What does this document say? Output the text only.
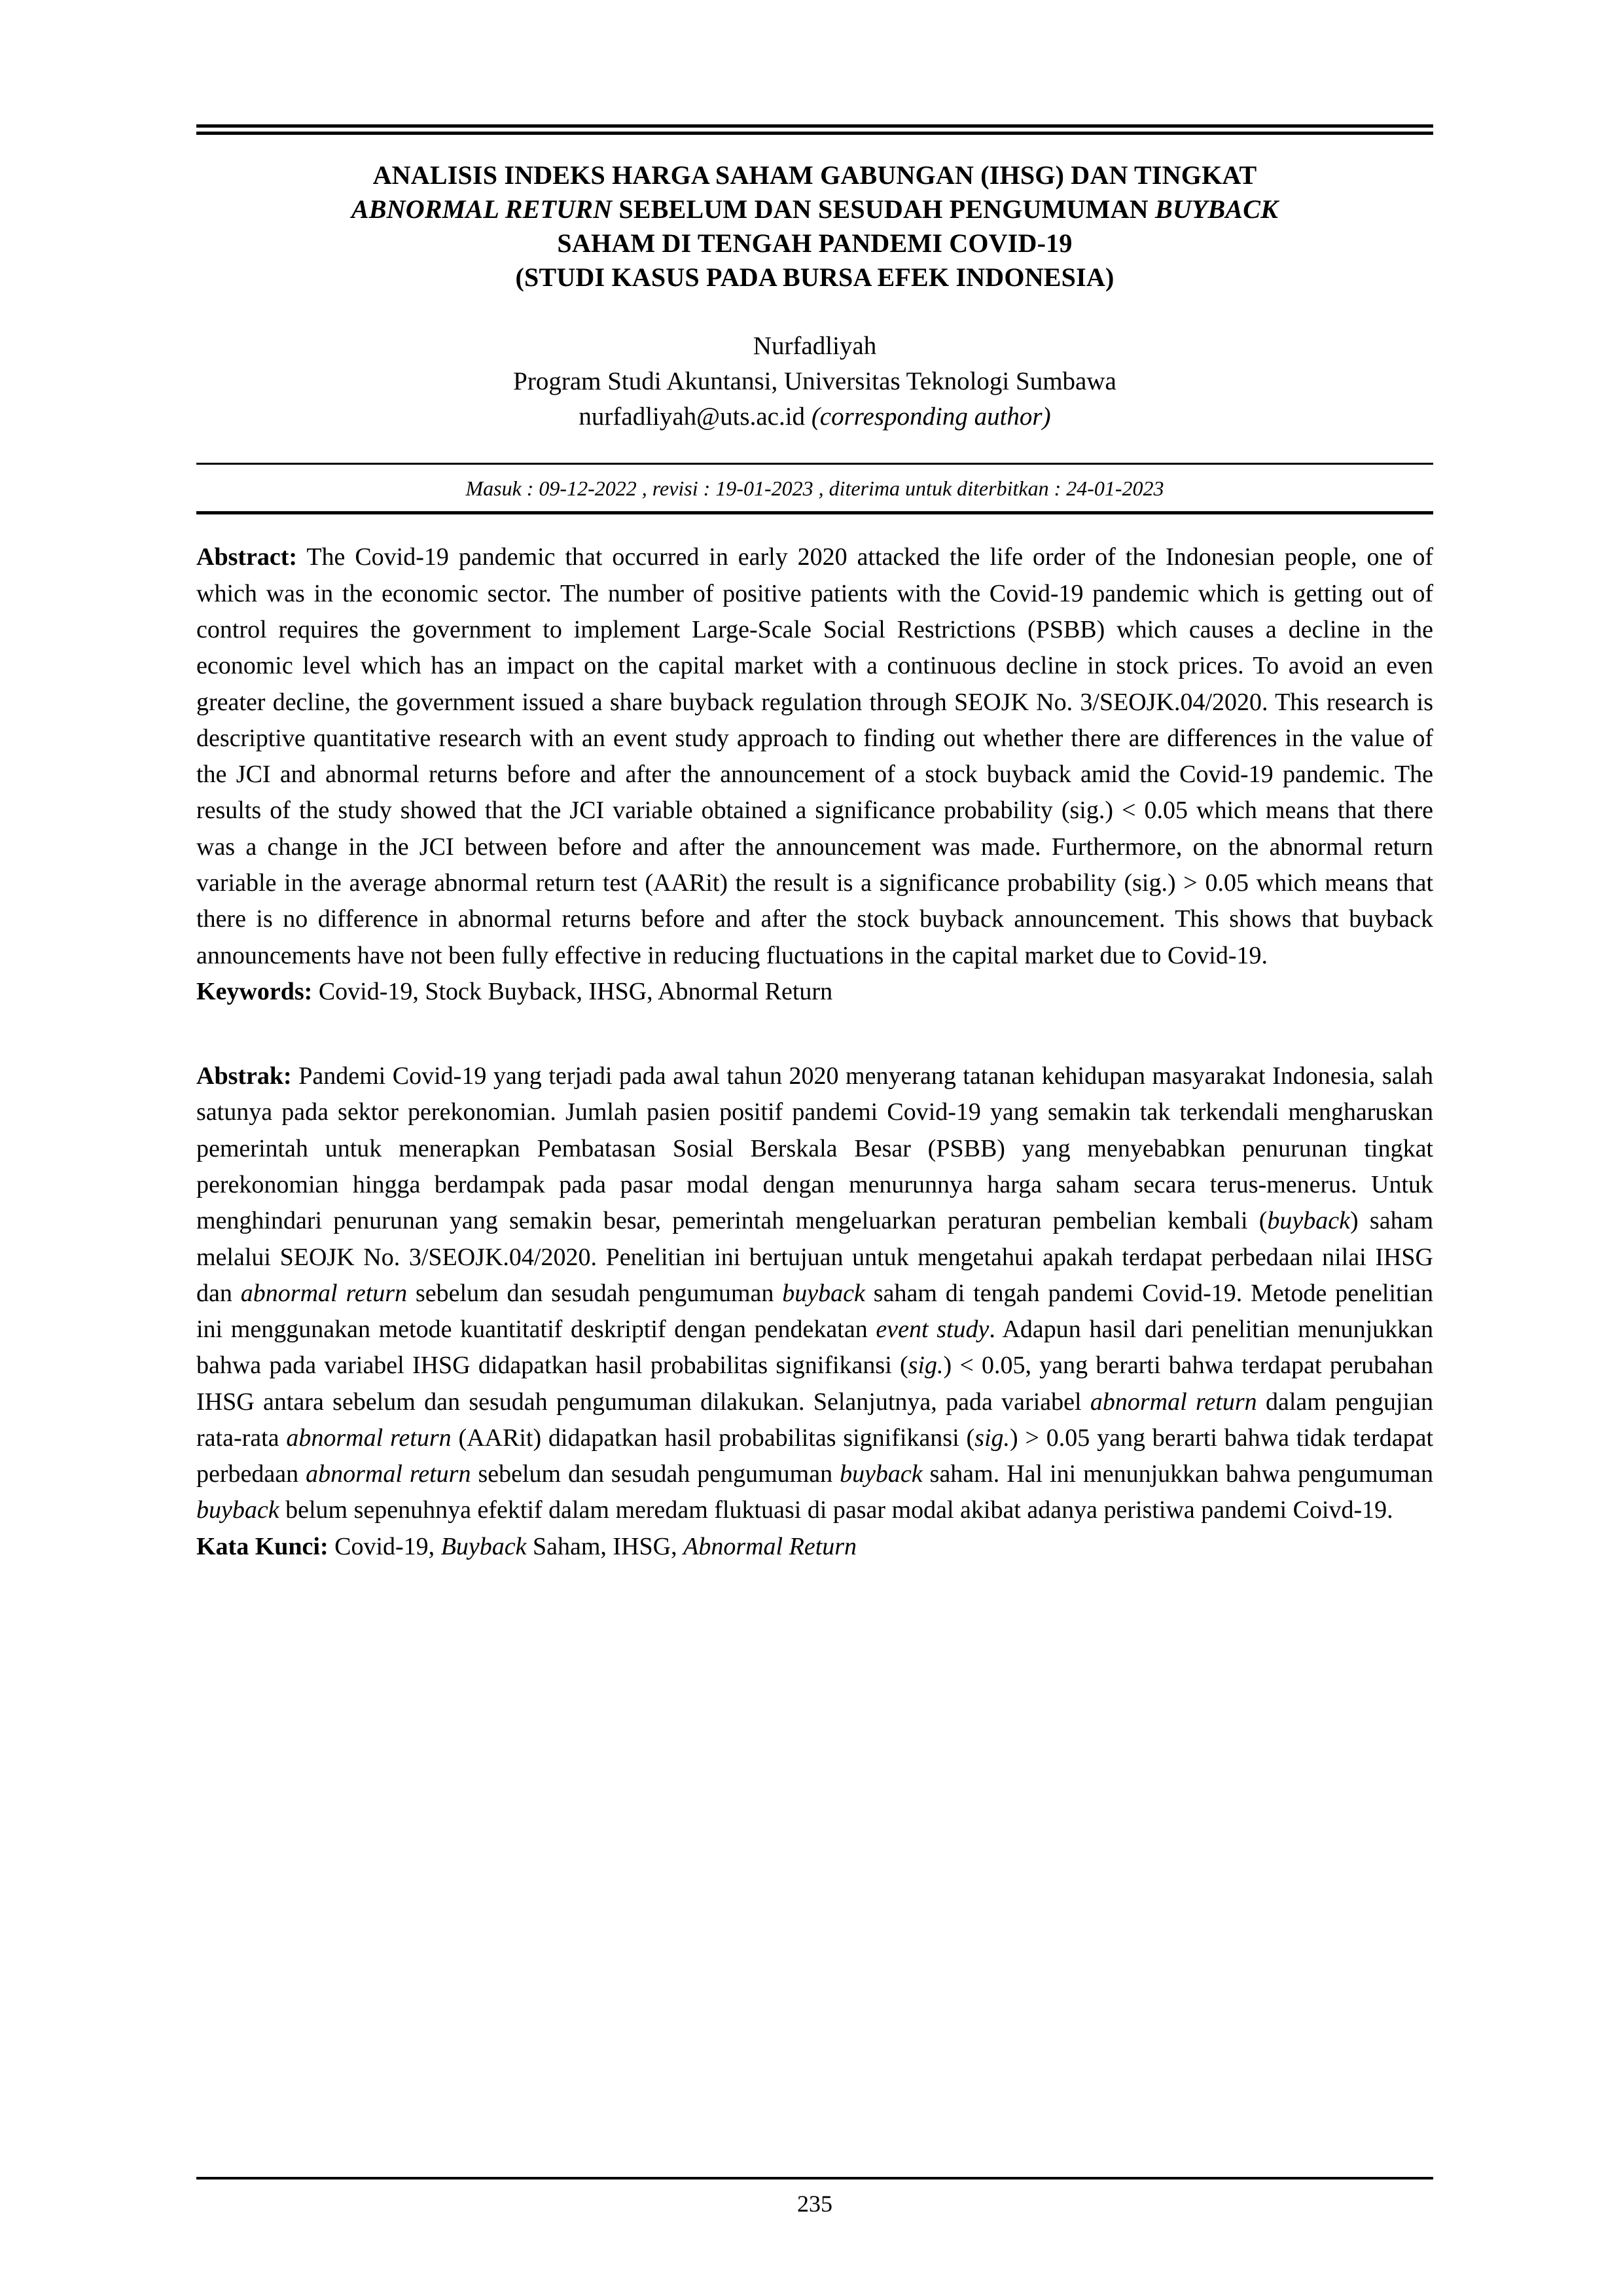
ANALISIS INDEKS HARGA SAHAM GABUNGAN (IHSG) DAN TINGKAT
ABNORMAL RETURN SEBELUM DAN SESUDAH PENGUMUMAN BUYBACK
SAHAM DI TENGAH PANDEMI COVID-19
(STUDI KASUS PADA BURSA EFEK INDONESIA)
Nurfadliyah
Program Studi Akuntansi, Universitas Teknologi Sumbawa
nurfadliyah@uts.ac.id (corresponding author)
Masuk : 09-12-2022 , revisi : 19-01-2023 , diterima untuk diterbitkan : 24-01-2023
Abstract: The Covid-19 pandemic that occurred in early 2020 attacked the life order of the Indonesian people, one of which was in the economic sector. The number of positive patients with the Covid-19 pandemic which is getting out of control requires the government to implement Large-Scale Social Restrictions (PSBB) which causes a decline in the economic level which has an impact on the capital market with a continuous decline in stock prices. To avoid an even greater decline, the government issued a share buyback regulation through SEOJK No. 3/SEOJK.04/2020. This research is descriptive quantitative research with an event study approach to finding out whether there are differences in the value of the JCI and abnormal returns before and after the announcement of a stock buyback amid the Covid-19 pandemic. The results of the study showed that the JCI variable obtained a significance probability (sig.) < 0.05 which means that there was a change in the JCI between before and after the announcement was made. Furthermore, on the abnormal return variable in the average abnormal return test (AARit) the result is a significance probability (sig.) > 0.05 which means that there is no difference in abnormal returns before and after the stock buyback announcement. This shows that buyback announcements have not been fully effective in reducing fluctuations in the capital market due to Covid-19.
Keywords: Covid-19, Stock Buyback, IHSG, Abnormal Return
Abstrak: Pandemi Covid-19 yang terjadi pada awal tahun 2020 menyerang tatanan kehidupan masyarakat Indonesia, salah satunya pada sektor perekonomian. Jumlah pasien positif pandemi Covid-19 yang semakin tak terkendali mengharuskan pemerintah untuk menerapkan Pembatasan Sosial Berskala Besar (PSBB) yang menyebabkan penurunan tingkat perekonomian hingga berdampak pada pasar modal dengan menurunnya harga saham secara terus-menerus. Untuk menghindari penurunan yang semakin besar, pemerintah mengeluarkan peraturan pembelian kembali (buyback) saham melalui SEOJK No. 3/SEOJK.04/2020. Penelitian ini bertujuan untuk mengetahui apakah terdapat perbedaan nilai IHSG dan abnormal return sebelum dan sesudah pengumuman buyback saham di tengah pandemi Covid-19. Metode penelitian ini menggunakan metode kuantitatif deskriptif dengan pendekatan event study. Adapun hasil dari penelitian menunjukkan bahwa pada variabel IHSG didapatkan hasil probabilitas signifikansi (sig.) < 0.05, yang berarti bahwa terdapat perubahan IHSG antara sebelum dan sesudah pengumuman dilakukan. Selanjutnya, pada variabel abnormal return dalam pengujian rata-rata abnormal return (AARit) didapatkan hasil probabilitas signifikansi (sig.) > 0.05 yang berarti bahwa tidak terdapat perbedaan abnormal return sebelum dan sesudah pengumuman buyback saham. Hal ini menunjukkan bahwa pengumuman buyback belum sepenuhnya efektif dalam meredam fluktuasi di pasar modal akibat adanya peristiwa pandemi Coivd-19.
Kata Kunci: Covid-19, Buyback Saham, IHSG, Abnormal Return
235
